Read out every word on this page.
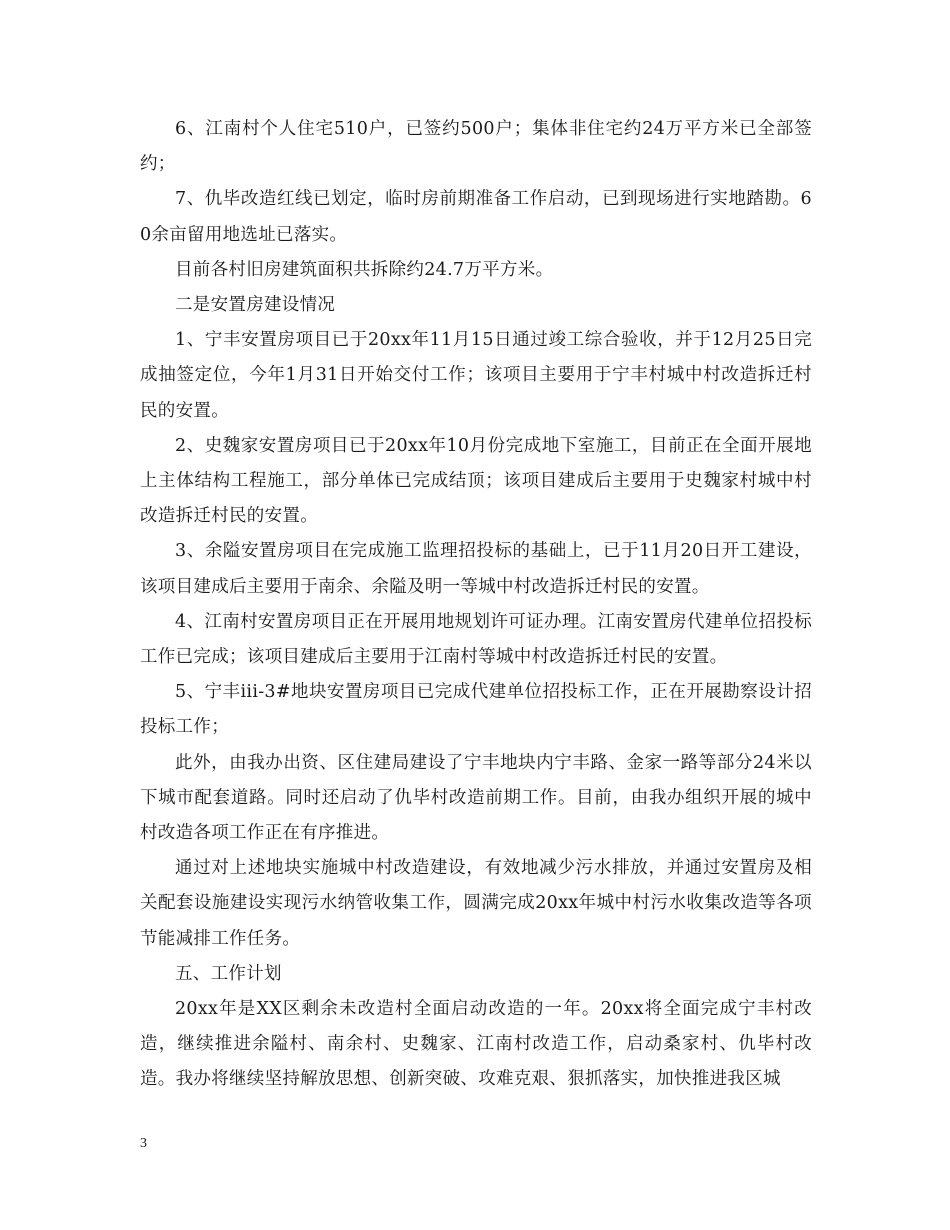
6、江南村个人住宅510户，已签约500户；集体非住宅约24万平方米已全部签约；

7、仇毕改造红线已划定，临时房前期准备工作启动，已到现场进行实地踏勘。60余亩留用地选址已落实。

目前各村旧房建筑面积共拆除约24.7万平方米。

二是安置房建设情况

1、宁丰安置房项目已于20xx年11月15日通过竣工综合验收，并于12月25日完成抽签定位，今年1月31日开始交付工作；该项目主要用于宁丰村城中村改造拆迁村民的安置。

2、史魏家安置房项目已于20xx年10月份完成地下室施工，目前正在全面开展地上主体结构工程施工，部分单体已完成结顶；该项目建成后主要用于史魏家村城中村改造拆迁村民的安置。

3、余隘安置房项目在完成施工监理招投标的基础上，已于11月20日开工建设，该项目建成后主要用于南余、余隘及明一等城中村改造拆迁村民的安置。

4、江南村安置房项目正在开展用地规划许可证办理。江南安置房代建单位招投标工作已完成；该项目建成后主要用于江南村等城中村改造拆迁村民的安置。

5、宁丰iii-3#地块安置房项目已完成代建单位招投标工作，正在开展勘察设计招投标工作；

此外，由我办出资、区住建局建设了宁丰地块内宁丰路、金家一路等部分24米以下城市配套道路。同时还启动了仇毕村改造前期工作。目前，由我办组织开展的城中村改造各项工作正在有序推进。

通过对上述地块实施城中村改造建设，有效地减少污水排放，并通过安置房及相关配套设施建设实现污水纳管收集工作，圆满完成20xx年城中村污水收集改造等各项节能减排工作任务。

五、工作计划

20xx年是XX区剩余未改造村全面启动改造的一年。20xx将全面完成宁丰村改造，继续推进余隘村、南余村、史魏家、江南村改造工作，启动桑家村、仇毕村改造。我办将继续坚持解放思想、创新突破、攻难克艰、狠抓落实，加快推进我区城

3
